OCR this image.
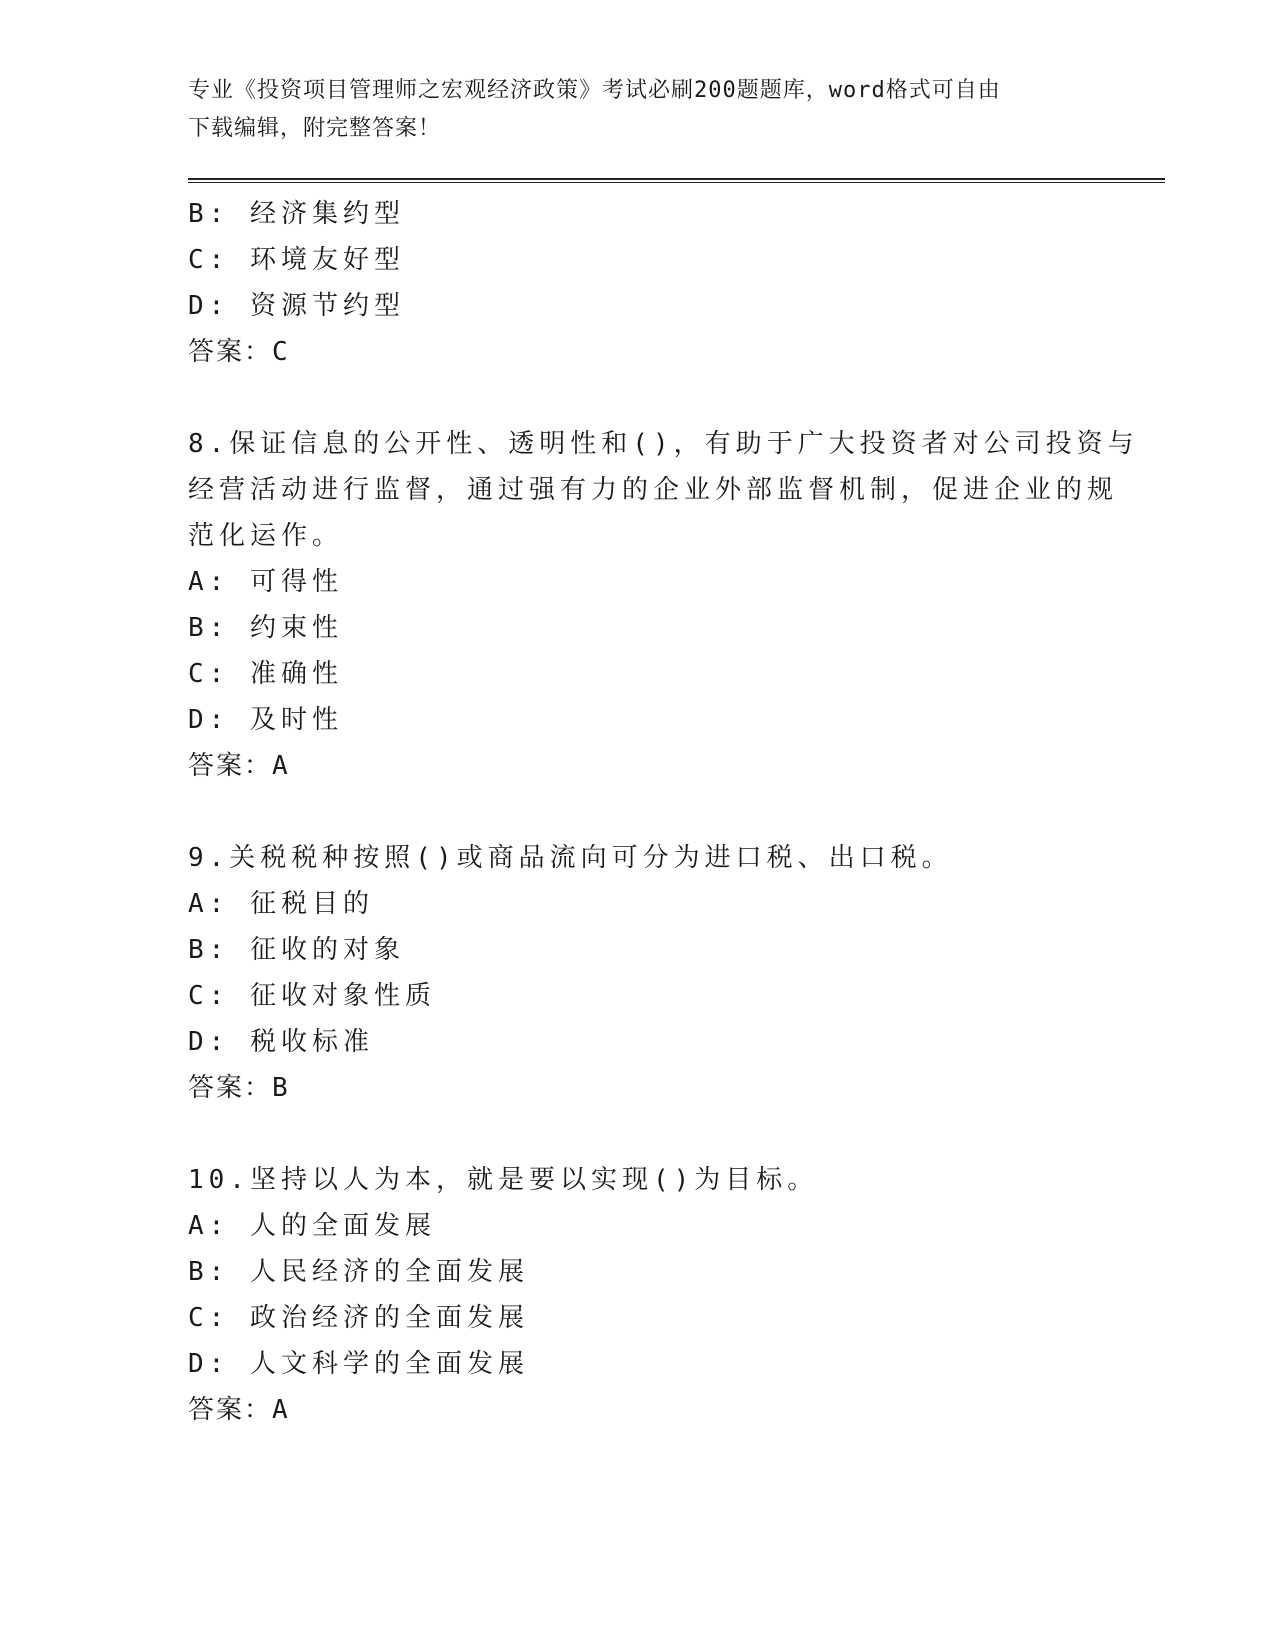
专业《投资项目管理师之宏观经济政策》考试必刷200题题库，word格式可自由
下载编辑，附完整答案！
B: 经济集约型
C: 环境友好型
D: 资源节约型
答案：C
8.保证信息的公开性、透明性和()，有助于广大投资者对公司投资与
经营活动进行监督，通过强有力的企业外部监督机制，促进企业的规
范化运作。
A: 可得性
B: 约束性
C: 准确性
D: 及时性
答案：A
9.关税税种按照()或商品流向可分为进口税、出口税。
A: 征税目的
B: 征收的对象
C: 征收对象性质
D: 税收标准
答案：B
10.坚持以人为本，就是要以实现()为目标。
A: 人的全面发展
B: 人民经济的全面发展
C: 政治经济的全面发展
D: 人文科学的全面发展
答案：A
